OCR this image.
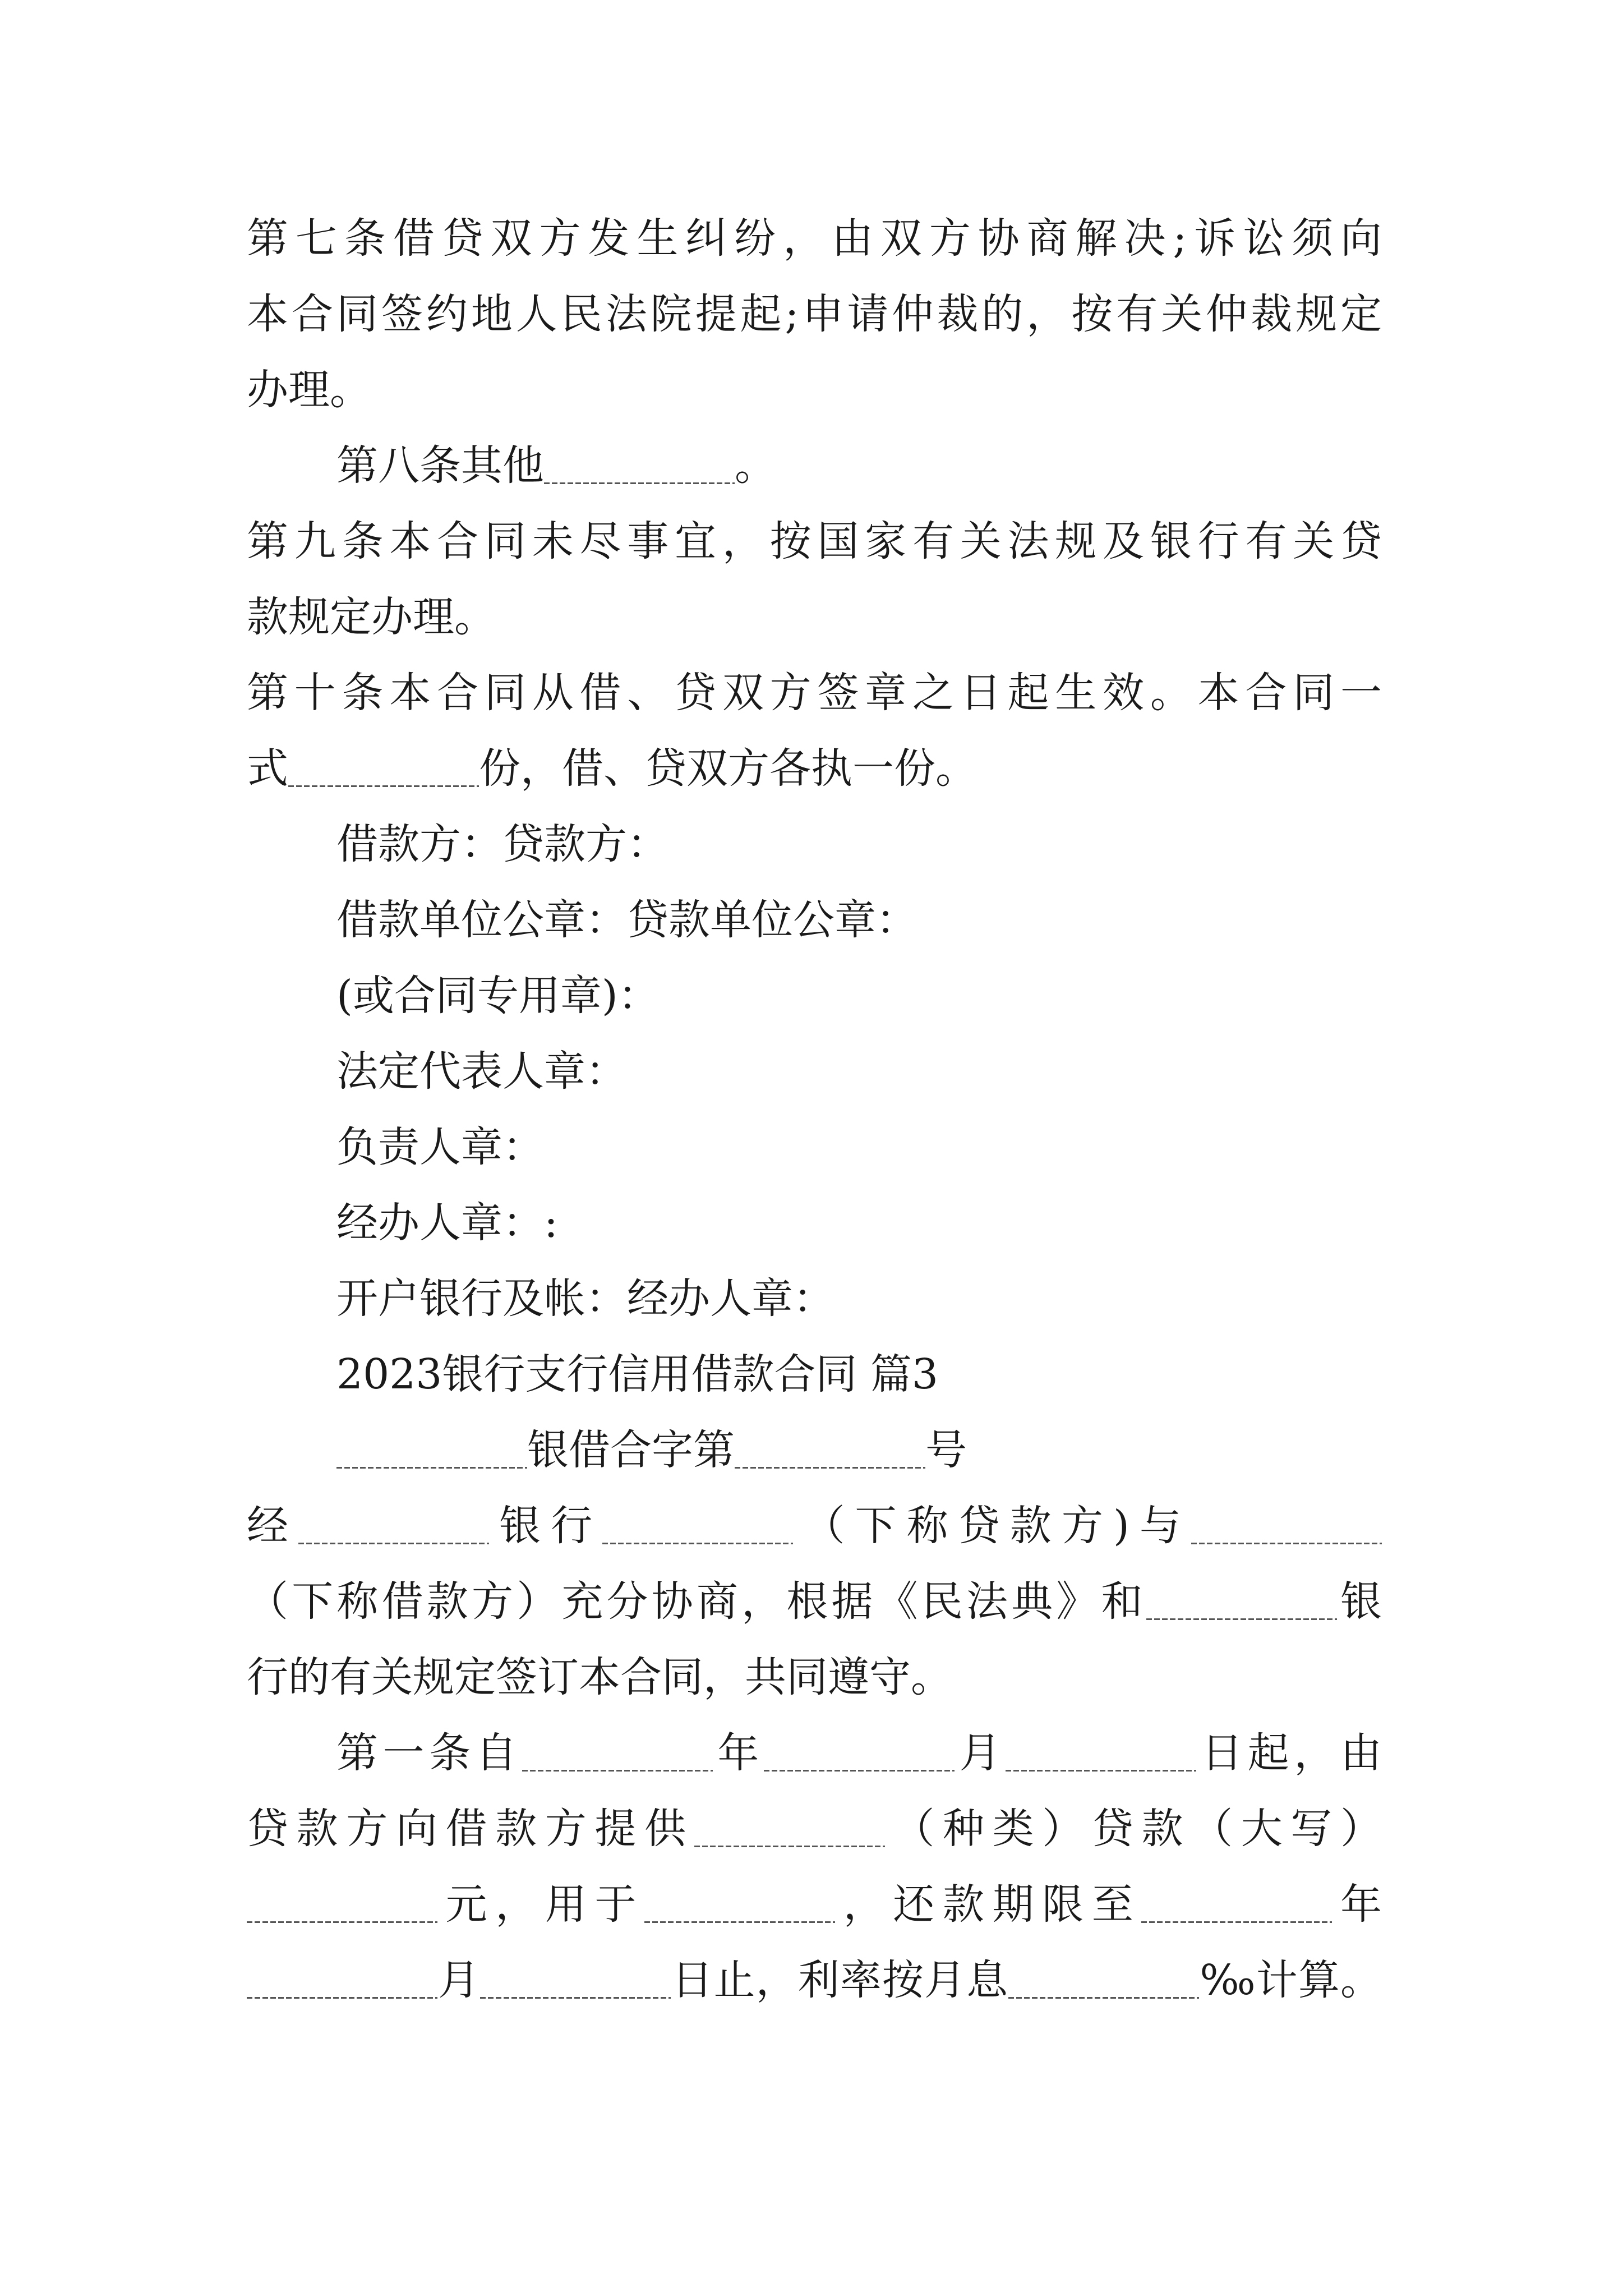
第七条借贷双方发生纠纷，由双方协商解决;诉讼须向
本合同签约地人民法院提起;申请仲裁的，按有关仲裁规定
办理。
第八条其他	。
第九条本合同未尽事宜，按国家有关法规及银行有关贷
款规定办理。
第十条本合同从借、贷双方签章之日起生效。本合同一
式	份，借、贷双方各执一份。
借款方：贷款方：
借款单位公章：贷款单位公章：
(或合同专用章)：
法定代表人章：
负责人章：
经办人章：:
开户银行及帐：经办人章：
2023银行支行信用借款合同 篇3
银借合字第	号
经	银行	（下称贷款方)与
（下称借款方）充分协商，根据《民法典》和	银
行的有关规定签订本合同，共同遵守。
第一条自	年	月	日起，由
贷款方向借款方提供	（种类）贷款（大写）
元，用于	，还款期限至	年
月	日止，利率按月息	‰计算。
